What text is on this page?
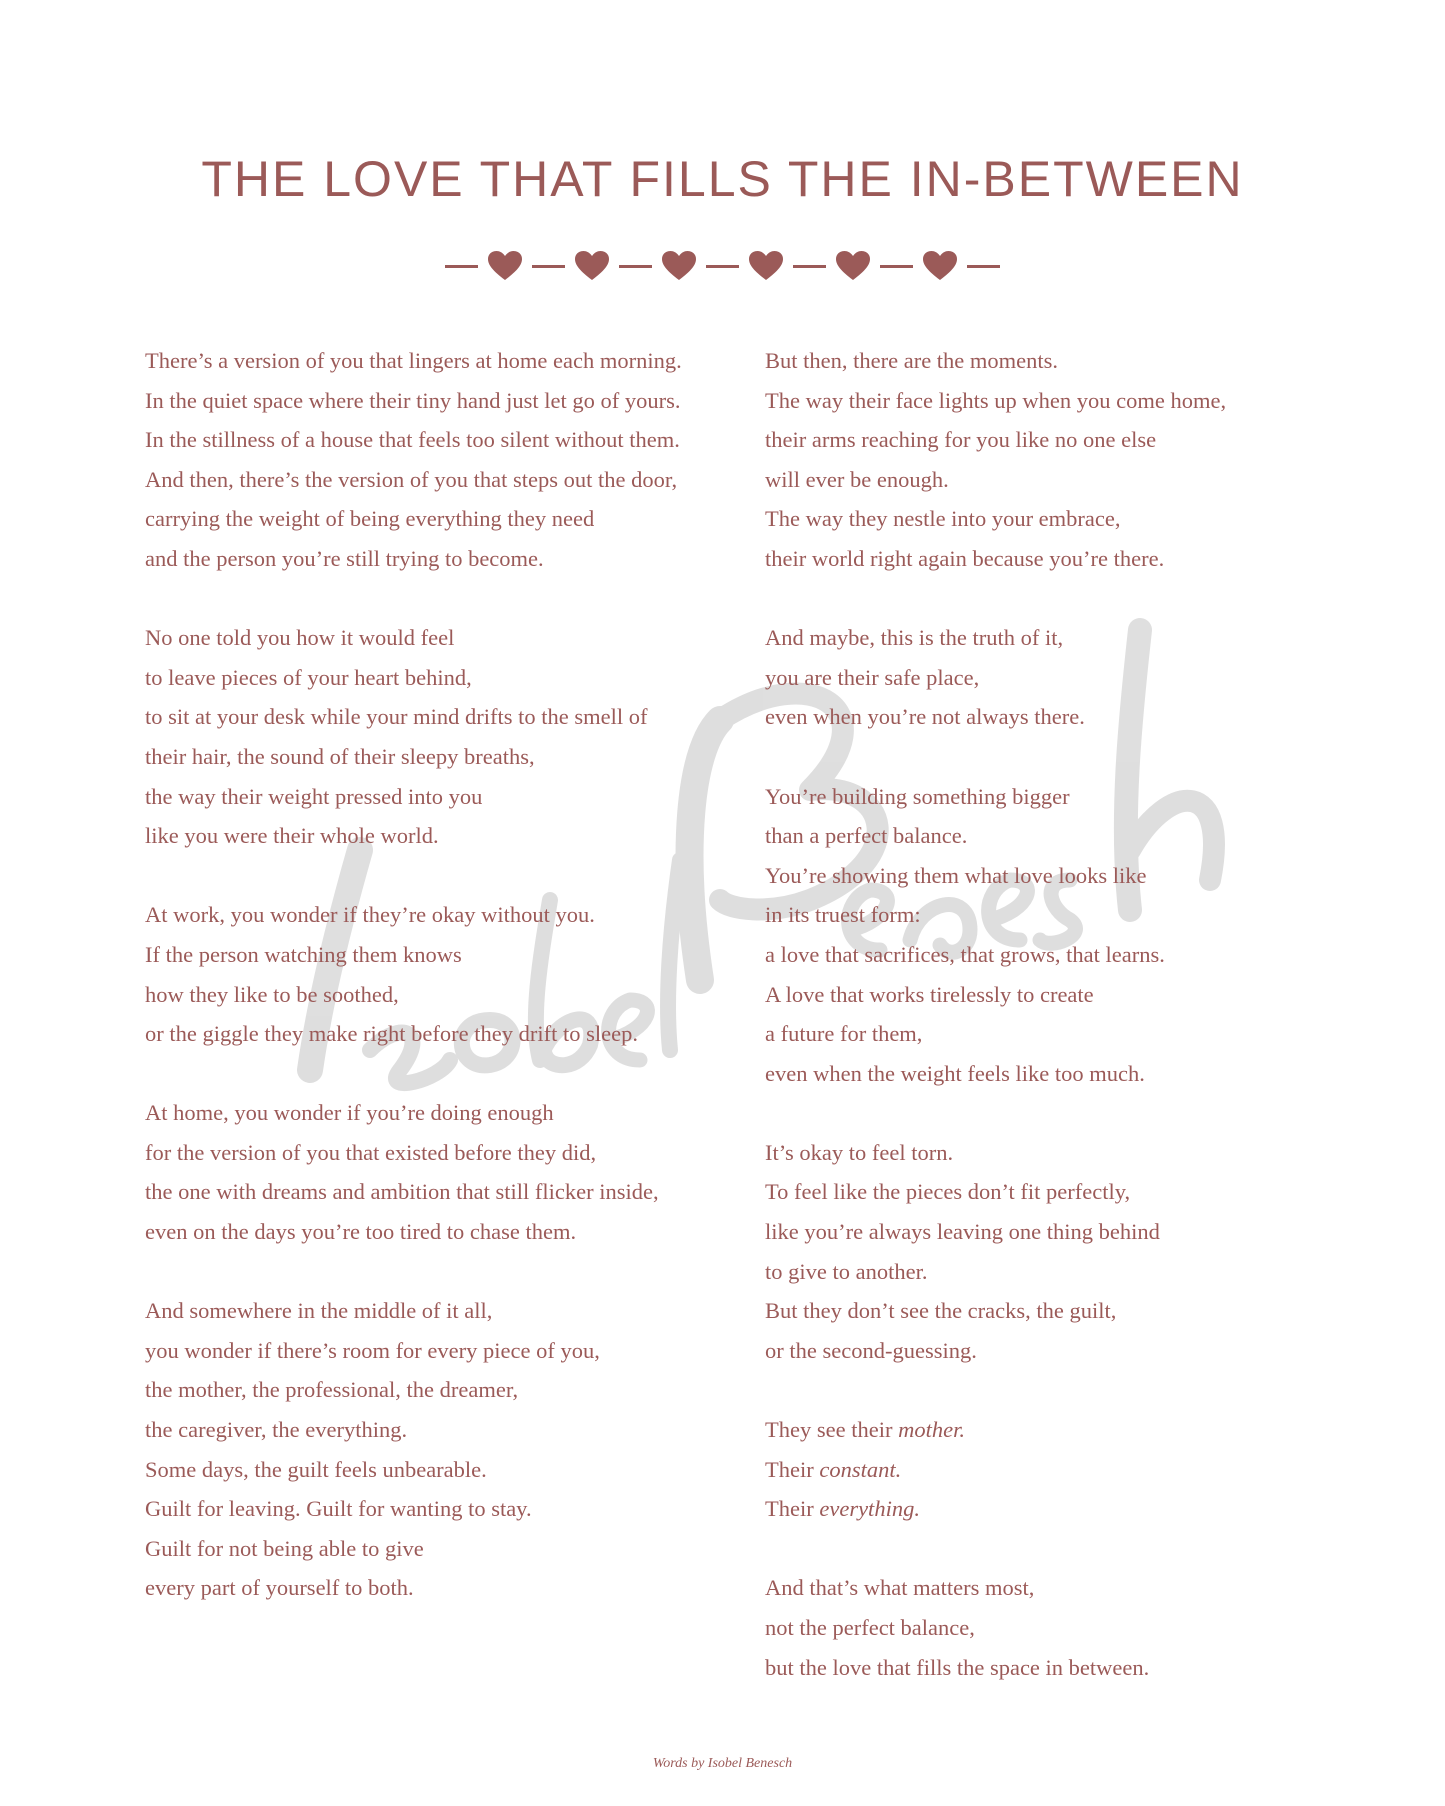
THE LOVE THAT FILLS THE IN-BETWEEN
There’s a version of you that lingers at home each morning.
In the quiet space where their tiny hand just let go of yours.
In the stillness of a house that feels too silent without them.
And then, there’s the version of you that steps out the door,
carrying the weight of being everything they need
and the person you’re still trying to become.
No one told you how it would feel
to leave pieces of your heart behind,
to sit at your desk while your mind drifts to the smell of
their hair, the sound of their sleepy breaths,
the way their weight pressed into you
like you were their whole world.
At work, you wonder if they’re okay without you.
If the person watching them knows
how they like to be soothed,
or the giggle they make right before they drift to sleep.
At home, you wonder if you’re doing enough
for the version of you that existed before they did,
the one with dreams and ambition that still flicker inside,
even on the days you’re too tired to chase them.
And somewhere in the middle of it all,
you wonder if there’s room for every piece of you,
the mother, the professional, the dreamer,
the caregiver, the everything.
Some days, the guilt feels unbearable.
Guilt for leaving. Guilt for wanting to stay.
Guilt for not being able to give
every part of yourself to both.
But then, there are the moments.
The way their face lights up when you come home,
their arms reaching for you like no one else
will ever be enough.
The way they nestle into your embrace,
their world right again because you’re there.
And maybe, this is the truth of it,
you are their safe place,
even when you’re not always there.
You’re building something bigger
than a perfect balance.
You’re showing them what love looks like
in its truest form:
a love that sacrifices, that grows, that learns.
A love that works tirelessly to create
a future for them,
even when the weight feels like too much.
It’s okay to feel torn.
To feel like the pieces don’t fit perfectly,
like you’re always leaving one thing behind
to give to another.
But they don’t see the cracks, the guilt,
or the second-guessing.
They see their mother.
Their constant.
Their everything.
And that’s what matters most,
not the perfect balance,
but the love that fills the space in between.
Words by Isobel Benesch
